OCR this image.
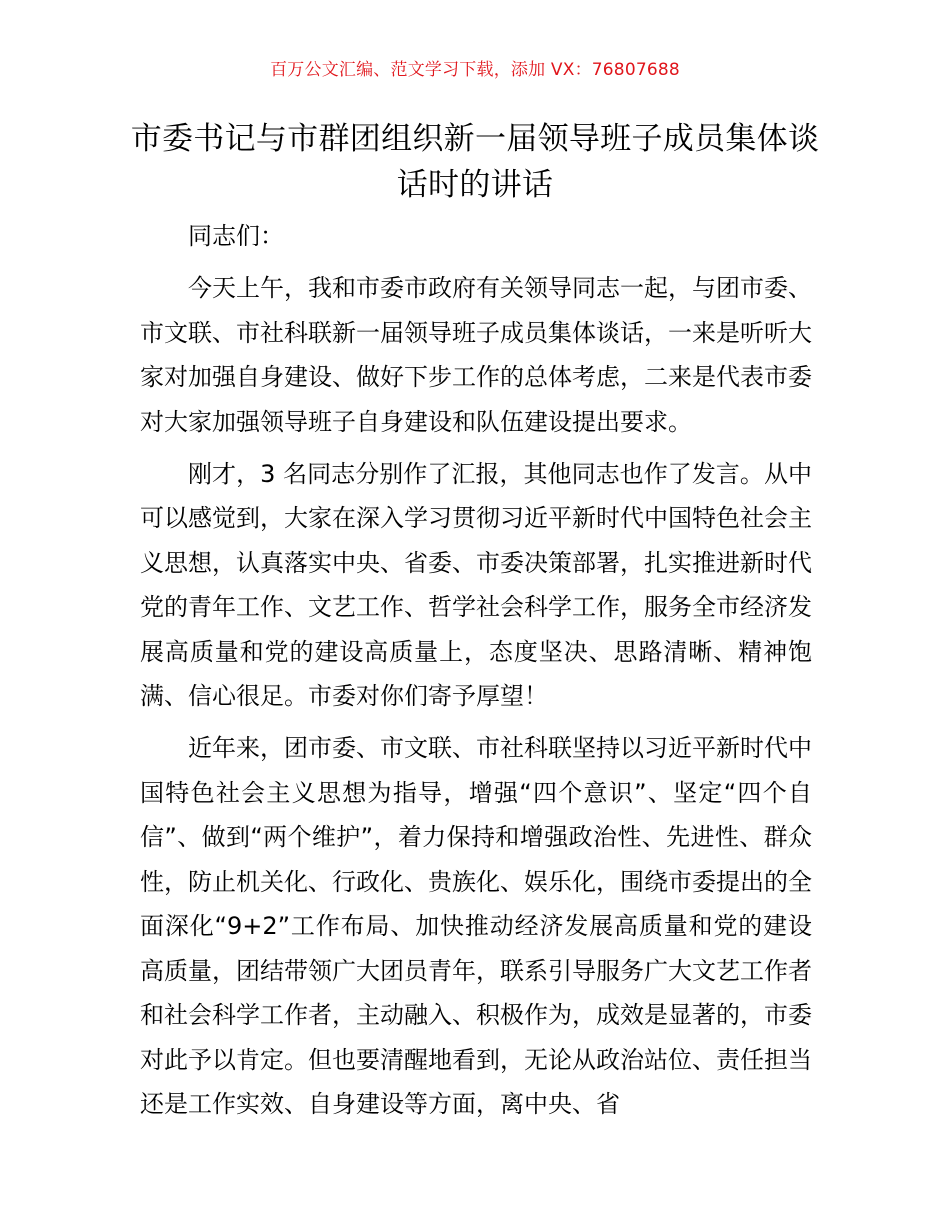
百万公文汇编、范文学习下载，添加 VX：76807688
市委书记与市群团组织新一届领导班子成员集体谈话时的讲话

同志们：

今天上午，我和市委市政府有关领导同志一起，与团市委、市文联、市社科联新一届领导班子成员集体谈话，一来是听听大家对加强自身建设、做好下步工作的总体考虑，二来是代表市委对大家加强领导班子自身建设和队伍建设提出要求。

刚才，3 名同志分别作了汇报，其他同志也作了发言。从中可以感觉到，大家在深入学习贯彻习近平新时代中国特色社会主义思想，认真落实中央、省委、市委决策部署，扎实推进新时代党的青年工作、文艺工作、哲学社会科学工作，服务全市经济发展高质量和党的建设高质量上，态度坚决、思路清晰、精神饱满、信心很足。市委对你们寄予厚望！

近年来，团市委、市文联、市社科联坚持以习近平新时代中国特色社会主义思想为指导，增强“四个意识”、坚定“四个自信”、做到“两个维护”，着力保持和增强政治性、先进性、群众性，防止机关化、行政化、贵族化、娱乐化，围绕市委提出的全面深化“9+2”工作布局、加快推动经济发展高质量和党的建设高质量，团结带领广大团员青年，联系引导服务广大文艺工作者和社会科学工作者，主动融入、积极作为，成效是显著的，市委对此予以肯定。但也要清醒地看到，无论从政治站位、责任担当还是工作实效、自身建设等方面，离中央、省
